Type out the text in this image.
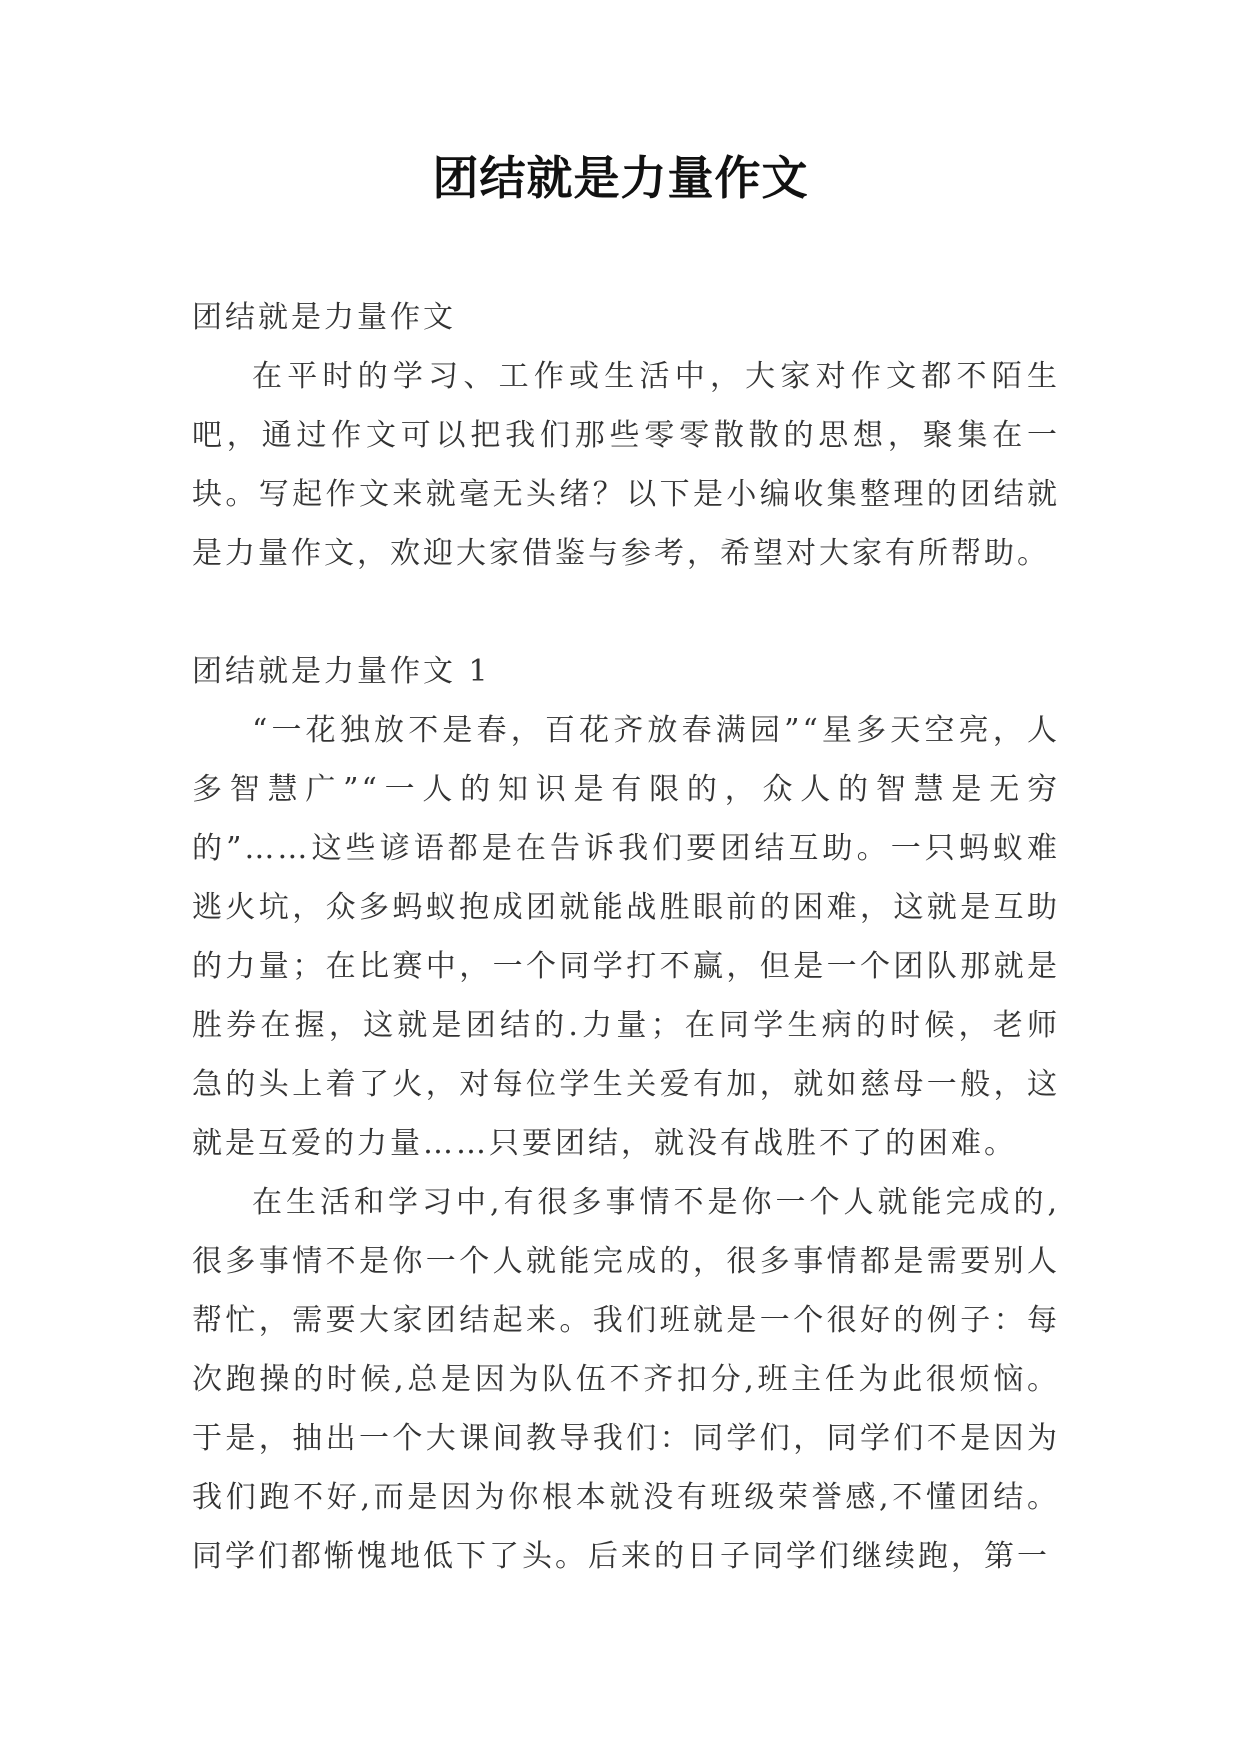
团结就是力量作文

团结就是力量作文

在平时的学习、工作或生活中，大家对作文都不陌生吧，通过作文可以把我们那些零零散散的思想，聚集在一块。写起作文来就毫无头绪？以下是小编收集整理的团结就是力量作文，欢迎大家借鉴与参考，希望对大家有所帮助。

团结就是力量作文 1

“一花独放不是春，百花齐放春满园”“星多天空亮，人多智慧广”“一人的知识是有限的，众人的智慧是无穷的”……这些谚语都是在告诉我们要团结互助。一只蚂蚁难逃火坑，众多蚂蚁抱成团就能战胜眼前的困难，这就是互助的力量；在比赛中，一个同学打不赢，但是一个团队那就是胜券在握，这就是团结的.力量；在同学生病的时候，老师急的头上着了火，对每位学生关爱有加，就如慈母一般，这就是互爱的力量……只要团结，就没有战胜不了的困难。

在生活和学习中,有很多事情不是你一个人就能完成的,很多事情不是你一个人就能完成的，很多事情都是需要别人帮忙，需要大家团结起来。我们班就是一个很好的例子：每次跑操的时候,总是因为队伍不齐扣分,班主任为此很烦恼。于是，抽出一个大课间教导我们：同学们，同学们不是因为我们跑不好,而是因为你根本就没有班级荣誉感,不懂团结。同学们都惭愧地低下了头。后来的日子同学们继续跑，第一
